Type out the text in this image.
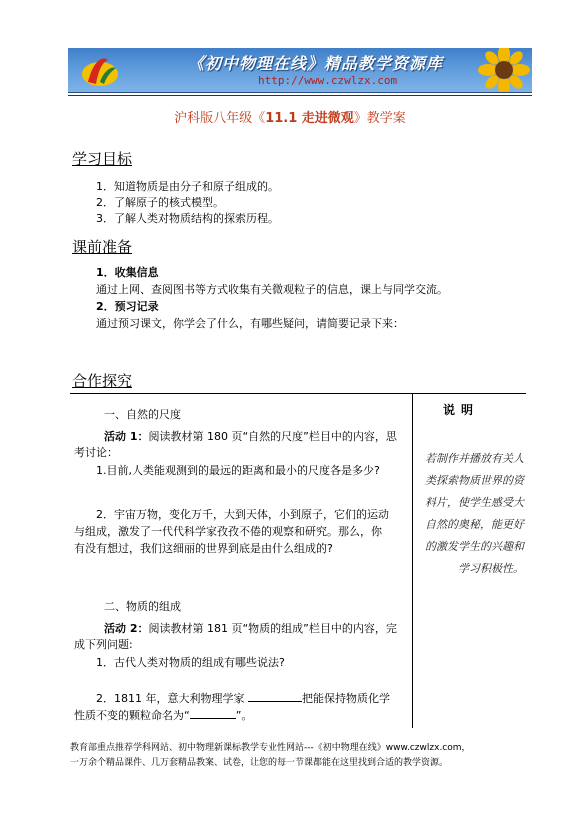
《初中物理在线》精品教学资源库
http://www.czwlzx.com
沪科版八年级《11.1 走进微观》教学案
学习目标
1．知道物质是由分子和原子组成的。
2．了解原子的核式模型。
3．了解人类对物质结构的探索历程。
课前准备
1．收集信息
通过上网、查阅图书等方式收集有关微观粒子的信息，课上与同学交流。
2．预习记录
通过预习课文，你学会了什么，有哪些疑问，请简要记录下来：
合作探究
说明
若制作并播放有关人类探索物质世界的资料片，使学生感受大自然的奥秘，能更好的激发学生的兴趣和学习积极性。
一、自然的尺度
活动 1：阅读教材第 180 页“自然的尺度”栏目中的内容，思
考讨论：
1.目前,人类能观测到的最远的距离和最小的尺度各是多少?
2．宇宙万物，变化万千，大到天体，小到原子，它们的运动
与组成，激发了一代代科学家孜孜不倦的观察和研究。那么，你
有没有想过，我们这细丽的世界到底是由什么组成的?
二、物质的组成
活动 2：阅读教材第 181 页“物质的组成”栏目中的内容，完
成下列问题:
1．古代人类对物质的组成有哪些说法?
2．1811 年，意大利物理学家	把能保持物质化学
性质不变的颗粒命名为“	”。
教育部重点推荐学科网站、初中物理新课标教学专业性网站---《初中物理在线》www.czwlzx.com，
一万余个精品课件、几万套精品教案、试卷，让您的每一节课都能在这里找到合适的教学资源。
